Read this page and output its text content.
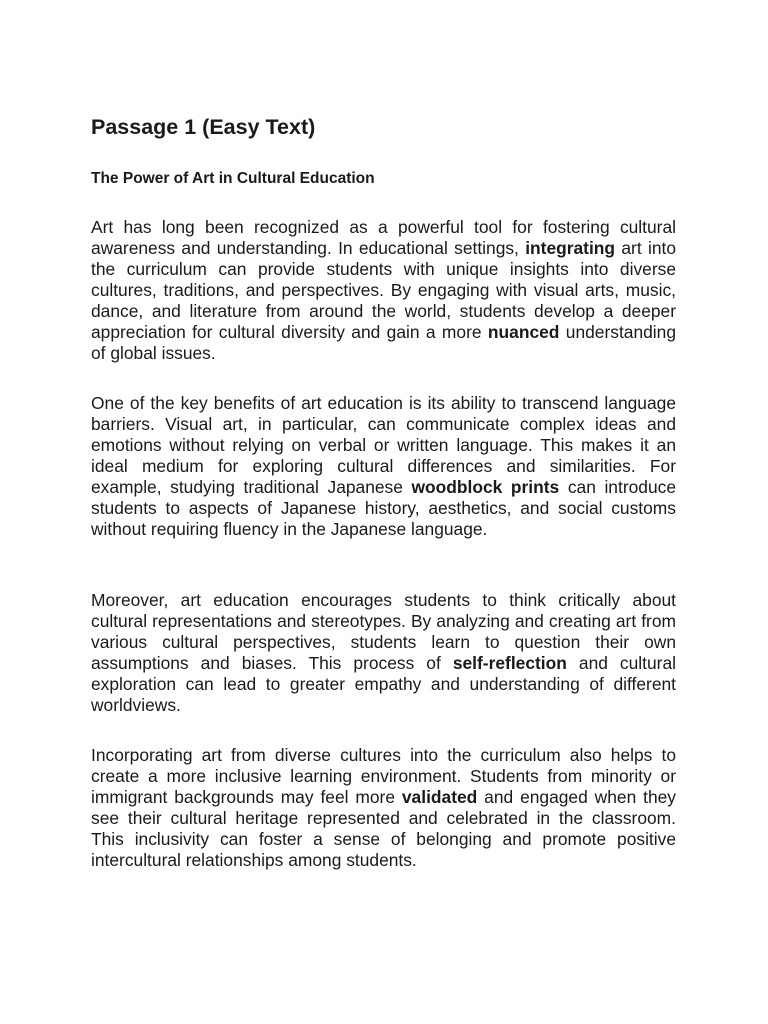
Passage 1 (Easy Text)
The Power of Art in Cultural Education

Art has long been recognized as a powerful tool for fostering cultural awareness and understanding. In educational settings, integrating art into the curriculum can provide students with unique insights into diverse cultures, traditions, and perspectives. By engaging with visual arts, music, dance, and literature from around the world, students develop a deeper appreciation for cultural diversity and gain a more nuanced understanding of global issues.

One of the key benefits of art education is its ability to transcend language barriers. Visual art, in particular, can communicate complex ideas and emotions without relying on verbal or written language. This makes it an ideal medium for exploring cultural differences and similarities. For example, studying traditional Japanese woodblock prints can introduce students to aspects of Japanese history, aesthetics, and social customs without requiring fluency in the Japanese language.

Moreover, art education encourages students to think critically about cultural representations and stereotypes. By analyzing and creating art from various cultural perspectives, students learn to question their own assumptions and biases. This process of self-reflection and cultural exploration can lead to greater empathy and understanding of different worldviews.

Incorporating art from diverse cultures into the curriculum also helps to create a more inclusive learning environment. Students from minority or immigrant backgrounds may feel more validated and engaged when they see their cultural heritage represented and celebrated in the classroom. This inclusivity can foster a sense of belonging and promote positive intercultural relationships among students.
